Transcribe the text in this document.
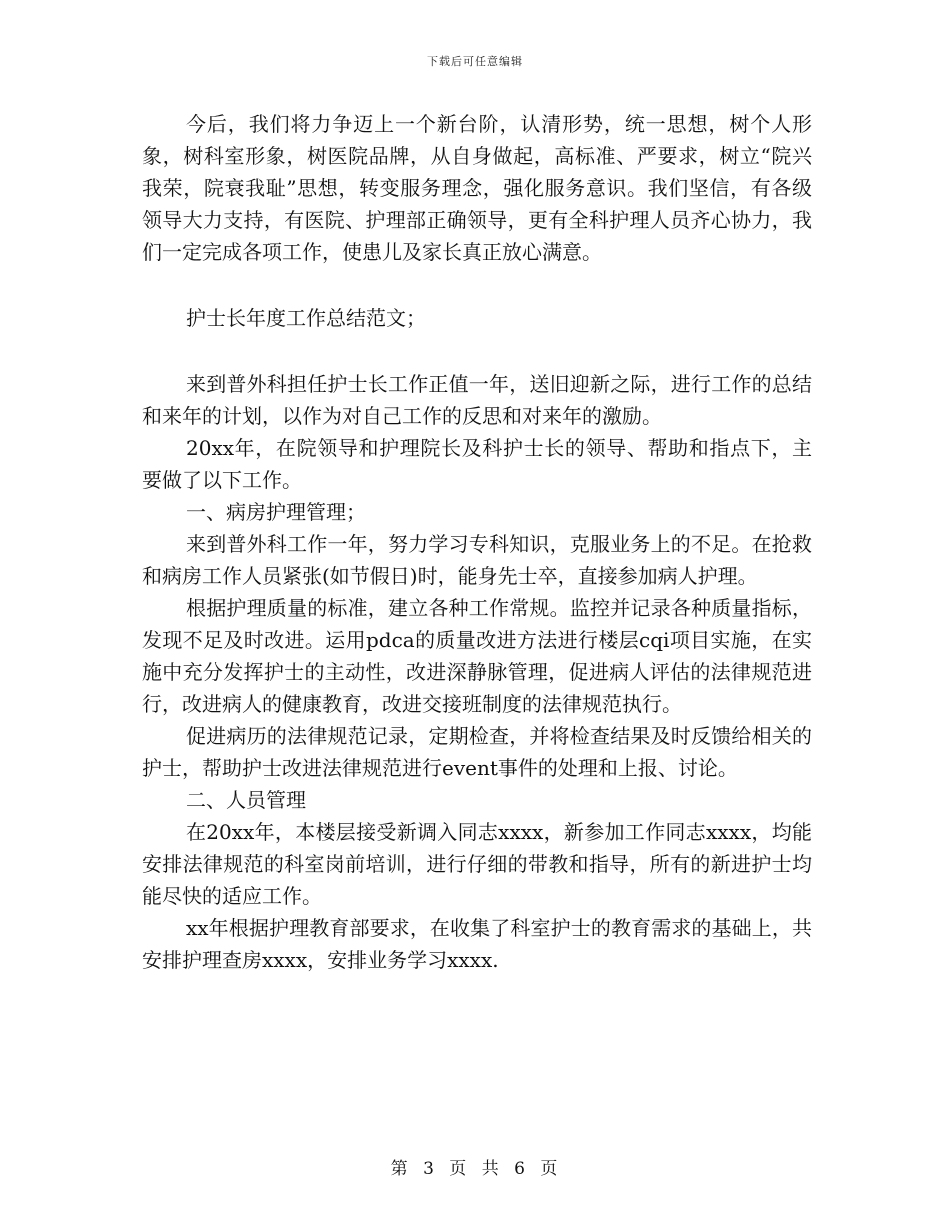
下载后可任意编辑

今后，我们将力争迈上一个新台阶，认清形势，统一思想，树个人形象，树科室形象，树医院品牌，从自身做起，高标准、严要求，树立“院兴我荣，院衰我耻”思想，转变服务理念，强化服务意识。我们坚信，有各级领导大力支持，有医院、护理部正确领导，更有全科护理人员齐心协力，我们一定完成各项工作，使患儿及家长真正放心满意。

护士长年度工作总结范文；

来到普外科担任护士长工作正值一年，送旧迎新之际，进行工作的总结和来年的计划，以作为对自己工作的反思和对来年的激励。

20xx年，在院领导和护理院长及科护士长的领导、帮助和指点下，主要做了以下工作。

一、病房护理管理；

来到普外科工作一年，努力学习专科知识，克服业务上的不足。在抢救和病房工作人员紧张(如节假日)时，能身先士卒，直接参加病人护理。

根据护理质量的标准，建立各种工作常规。监控并记录各种质量指标，发现不足及时改进。运用pdca的质量改进方法进行楼层cqi项目实施，在实施中充分发挥护士的主动性，改进深静脉管理，促进病人评估的法律规范进行，改进病人的健康教育，改进交接班制度的法律规范执行。

促进病历的法律规范记录，定期检查，并将检查结果及时反馈给相关的护士，帮助护士改进法律规范进行event事件的处理和上报、讨论。

二、人员管理

在20xx年，本楼层接受新调入同志xxxx，新参加工作同志xxxx，均能安排法律规范的科室岗前培训，进行仔细的带教和指导，所有的新进护士均能尽快的适应工作。

xx年根据护理教育部要求，在收集了科室护士的教育需求的基础上，共安排护理查房xxxx，安排业务学习xxxx.

第 3 页 共 6 页
